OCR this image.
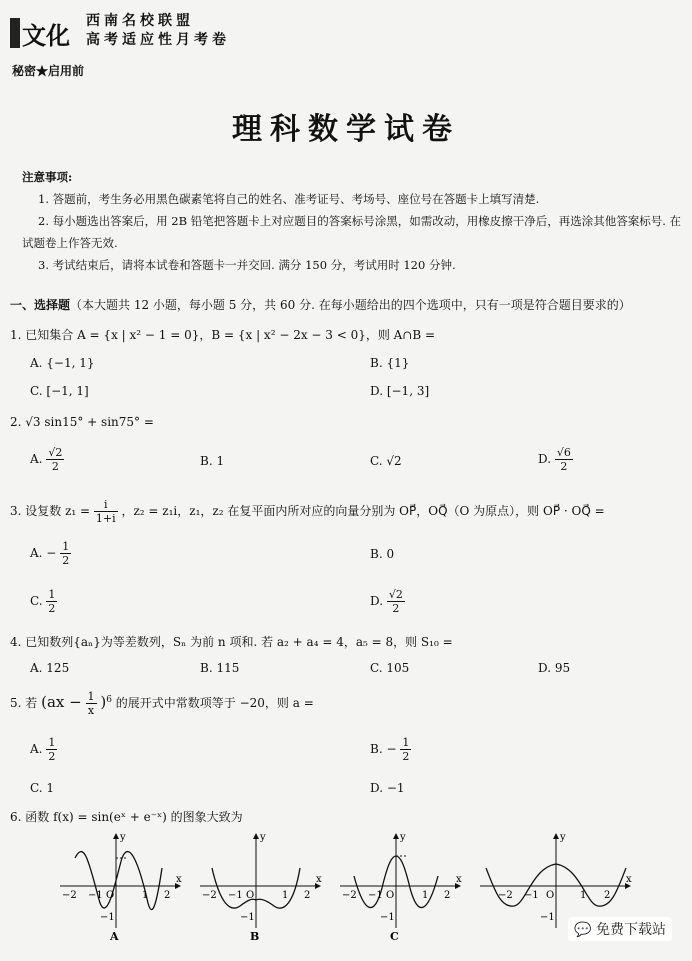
文化 西南名校联盟
高考适应性月考卷
秘密★启用前
理科数学试卷
注意事项:

1. 答题前，考生务必用黑色碳素笔将自己的姓名、准考证号、考场号、座位号在答题卡上填写清楚.

2. 每小题选出答案后，用 2B 铅笔把答题卡上对应题目的答案标号涂黑，如需改动，用橡皮擦干净后，再选涂其他答案标号. 在试题卷上作答无效.

3. 考试结束后，请将本试卷和答题卡一并交回. 满分 150 分，考试用时 120 分钟.

一、选择题（本大题共 12 小题，每小题 5 分，共 60 分. 在每小题给出的四个选项中，只有一项是符合题目要求的）
1. 已知集合 A = {x | x² − 1 = 0}，B = {x | x² − 2x − 3 < 0}，则 A∩B =
A. {−1, 1}	B. {1}
C. [−1, 1]	D. [−1, 3]
2. √3 sin15° + sin75° =
A. $\frac{√2}{2}$	B. 1	C. √2	D. $\frac{√6}{2}$
3. 设复数 $z_1 = \frac{i}{1+i}$ ，z₂ = z₁i，z₁，z₂ 在复平面内所对应的向量分别为 OP⃗，OQ⃗（O 为原点），则 OP⃗ · OQ⃗ =
A. − $\frac{1}{2}$	B. 0
C. $\frac{1}{2}$	D. $\frac{√2}{2}$
4. 已知数列{aₙ}为等差数列，Sₙ 为前 n 项和. 若 a₂ + a₄ = 4，a₅ = 8，则 S₁₀ =
A. 125	B. 115	C. 105	D. 95
5. 若 $(ax - \frac{1}{x} )^6$ 的展开式中常数项等于 −20，则 a =
A. $\frac{1}{2}$	B. − $\frac{1}{2}$
C. 1	D. −1
6. 函数 f(x) = sin(eˣ + e⁻ˣ) 的图象大致为
−2 −1 O	1 2
x
y
−1
A
−2 −1 O	1 2
x
y
−1
B
−2 −1 O	1 2
x
y
−1
C
−2 −1 O	1 2
x
y
−1
💬 免费下载站
